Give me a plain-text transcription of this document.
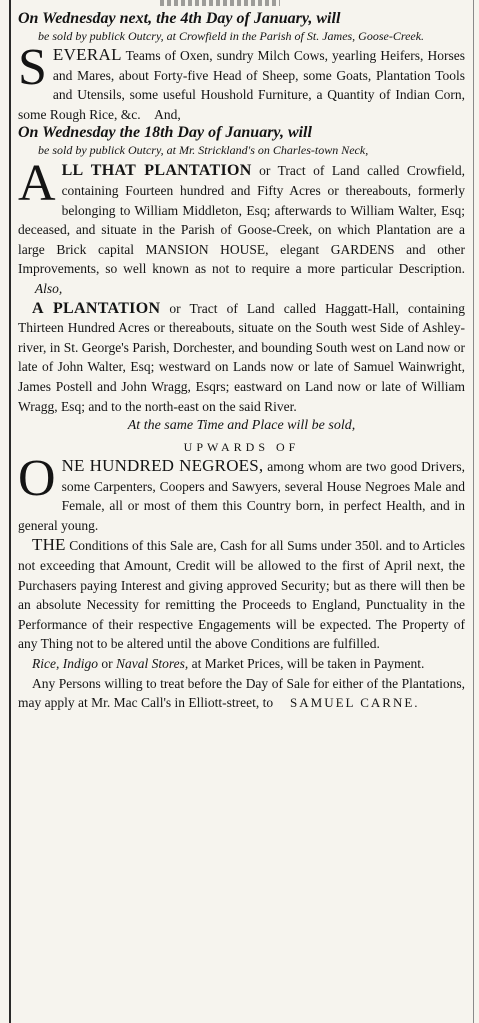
On Wednesday next, the 4th Day of January, will

be sold by publick Outcry, at Crowfield in the Parish of St. James, Goose-Creek.

SEVERAL Teams of Oxen, sundry Milch Cows, yearling Heifers, Horses and Mares, about Forty-five Head of Sheep, some Goats, Plantation Tools and Utensils, some useful Houshold Furniture, a Quantity of Indian Corn, some Rough Rice, &c. And,

On Wednesday the 18th Day of January, will

be sold by publick Outcry, at Mr. Strickland's on Charles-town Neck,

ALL THAT PLANTATION or Tract of Land called Crowfield, containing Fourteen hundred and Fifty Acres or thereabouts, formerly belonging to William Middleton, Esq; afterwards to William Walter, Esq; deceased, and situate in the Parish of Goose-Creek, on which Plantation are a large Brick capital MANSION HOUSE, elegant GARDENS and other Improvements, so well known as not to require a more particular Description.      Also,

A PLANTATION or Tract of Land called Haggatt-Hall, containing Thirteen Hundred Acres or thereabouts, situate on the South west Side of Ashley-river, in St. George's Parish, Dorchester, and bounding South west on Land now or late of John Walter, Esq; westward on Lands now or late of Samuel Wainwright, James Postell and John Wragg, Esqrs; eastward on Land now or late of William Wragg, Esq; and to the north-east on the said River.

At the same Time and Place will be sold,

UPWARDS OF

ONE HUNDRED NEGROES, among whom are two good Drivers, some Carpenters, Coopers and Sawyers, several House Negroes Male and Female, all or most of them this Country born, in perfect Health, and in general young.

THE Conditions of this Sale are, Cash for all Sums under 350l. and to Articles not exceeding that Amount, Credit will be allowed to the first of April next, the Purchasers paying Interest and giving approved Security; but as there will then be an absolute Necessity for remitting the Proceeds to England, Punctuality in the Performance of their respective Engagements will be expected. The Property of any Thing not to be altered until the above Conditions are fulfilled.

Rice, Indigo or Naval Stores, at Market Prices, will be taken in Payment.

Any Persons willing to treat before the Day of Sale for either of the Plantations, may apply at Mr. Mac Call's in Elliott-street, to SAMUEL CARNE.
